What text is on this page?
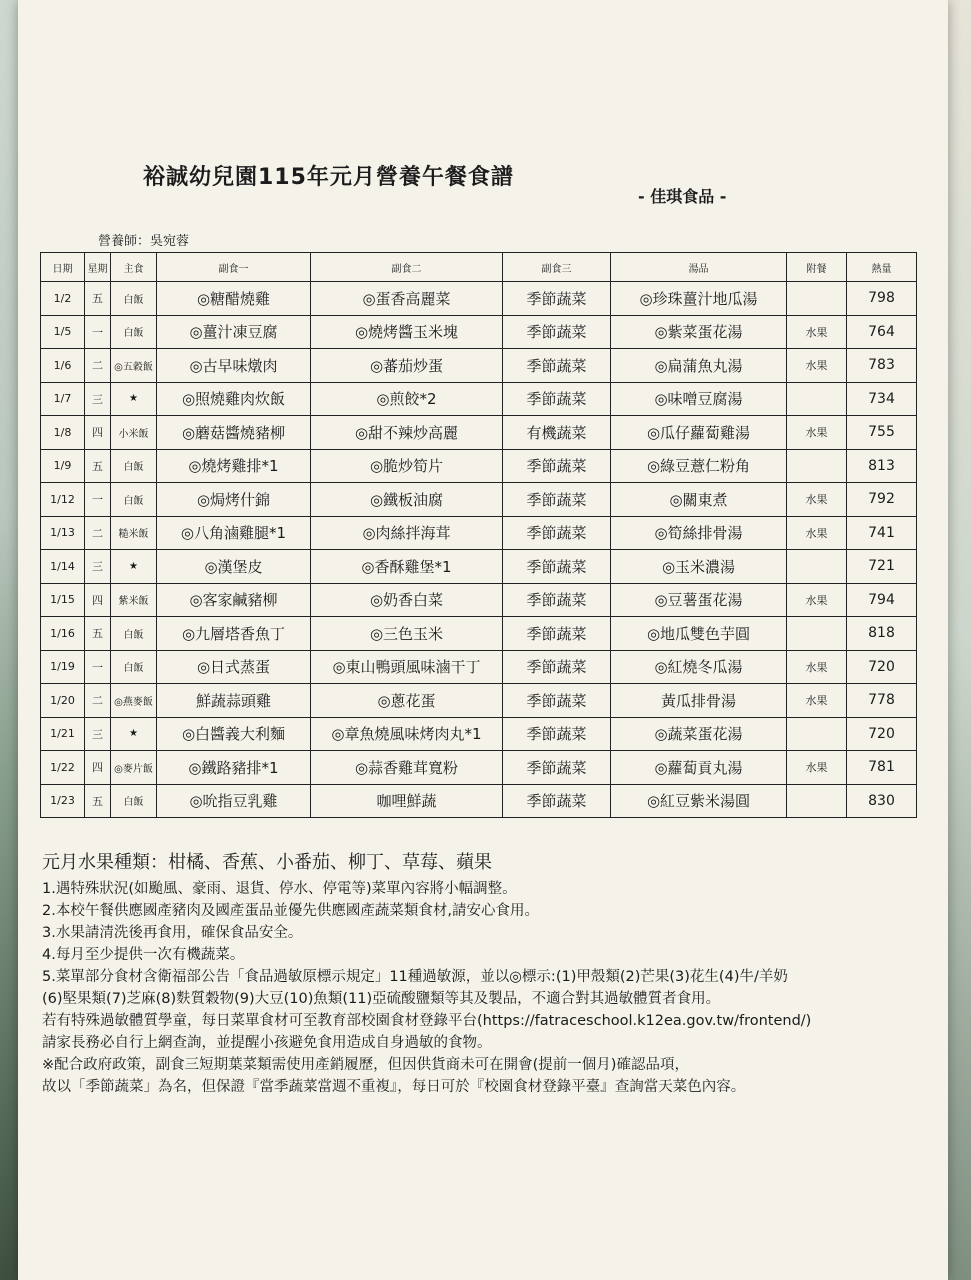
裕誠幼兒園115年元月營養午餐食譜
- 佳琪食品 -
營養師：吳宛蓉
日期	星期	主食	副食一	副食二	副食三	湯品	附餐	熱量
1/2	五	白飯	◎糖醋燒雞	◎蛋香高麗菜	季節蔬菜	◎珍珠薑汁地瓜湯		798
1/5	一	白飯	◎薑汁凍豆腐	◎燒烤醬玉米塊	季節蔬菜	◎紫菜蛋花湯	水果	764
1/6	二	◎五穀飯	◎古早味燉肉	◎蕃茄炒蛋	季節蔬菜	◎扁蒲魚丸湯	水果	783
1/7	三	★	◎照燒雞肉炊飯	◎煎餃*2	季節蔬菜	◎味噌豆腐湯		734
1/8	四	小米飯	◎蘑菇醬燒豬柳	◎甜不辣炒高麗	有機蔬菜	◎瓜仔蘿蔔雞湯	水果	755
1/9	五	白飯	◎燒烤雞排*1	◎脆炒筍片	季節蔬菜	◎綠豆薏仁粉角		813
1/12	一	白飯	◎焗烤什錦	◎鐵板油腐	季節蔬菜	◎關東煮	水果	792
1/13	二	糙米飯	◎八角滷雞腿*1	◎肉絲拌海茸	季節蔬菜	◎筍絲排骨湯	水果	741
1/14	三	★	◎漢堡皮	◎香酥雞堡*1	季節蔬菜	◎玉米濃湯		721
1/15	四	紫米飯	◎客家鹹豬柳	◎奶香白菜	季節蔬菜	◎豆薯蛋花湯	水果	794
1/16	五	白飯	◎九層塔香魚丁	◎三色玉米	季節蔬菜	◎地瓜雙色芋圓		818
1/19	一	白飯	◎日式蒸蛋	◎東山鴨頭風味滷干丁	季節蔬菜	◎紅燒冬瓜湯	水果	720
1/20	二	◎燕麥飯	鮮蔬蒜頭雞	◎蔥花蛋	季節蔬菜	黃瓜排骨湯	水果	778
1/21	三	★	◎白醬義大利麵	◎章魚燒風味烤肉丸*1	季節蔬菜	◎蔬菜蛋花湯		720
1/22	四	◎麥片飯	◎鐵路豬排*1	◎蒜香雞茸寬粉	季節蔬菜	◎蘿蔔貢丸湯	水果	781
1/23	五	白飯	◎吮指豆乳雞	咖哩鮮蔬	季節蔬菜	◎紅豆紫米湯圓		830
元月水果種類：柑橘、香蕉、小番茄、柳丁、草莓、蘋果
1.遇特殊狀況(如颱風、豪雨、退貨、停水、停電等)菜單內容將小幅調整。
2.本校午餐供應國產豬肉及國產蛋品並優先供應國產蔬菜類食材,請安心食用。
3.水果請清洗後再食用，確保食品安全。
4.每月至少提供一次有機蔬菜。
5.菜單部分食材含衛福部公告「食品過敏原標示規定」11種過敏源，並以◎標示:(1)甲殼類(2)芒果(3)花生(4)牛/羊奶
(6)堅果類(7)芝麻(8)麩質穀物(9)大豆(10)魚類(11)亞硫酸鹽類等其及製品，不適合對其過敏體質者食用。
若有特殊過敏體質學童，每日菜單食材可至教育部校園食材登錄平台(https://fatraceschool.k12ea.gov.tw/frontend/)
請家長務必自行上網查詢，並提醒小孩避免食用造成自身過敏的食物。
※配合政府政策，副食三短期葉菜類需使用產銷履歷，但因供貨商未可在開會(提前一個月)確認品項，
故以「季節蔬菜」為名，但保證『當季蔬菜當週不重複』，每日可於『校園食材登錄平臺』查詢當天菜色內容。
